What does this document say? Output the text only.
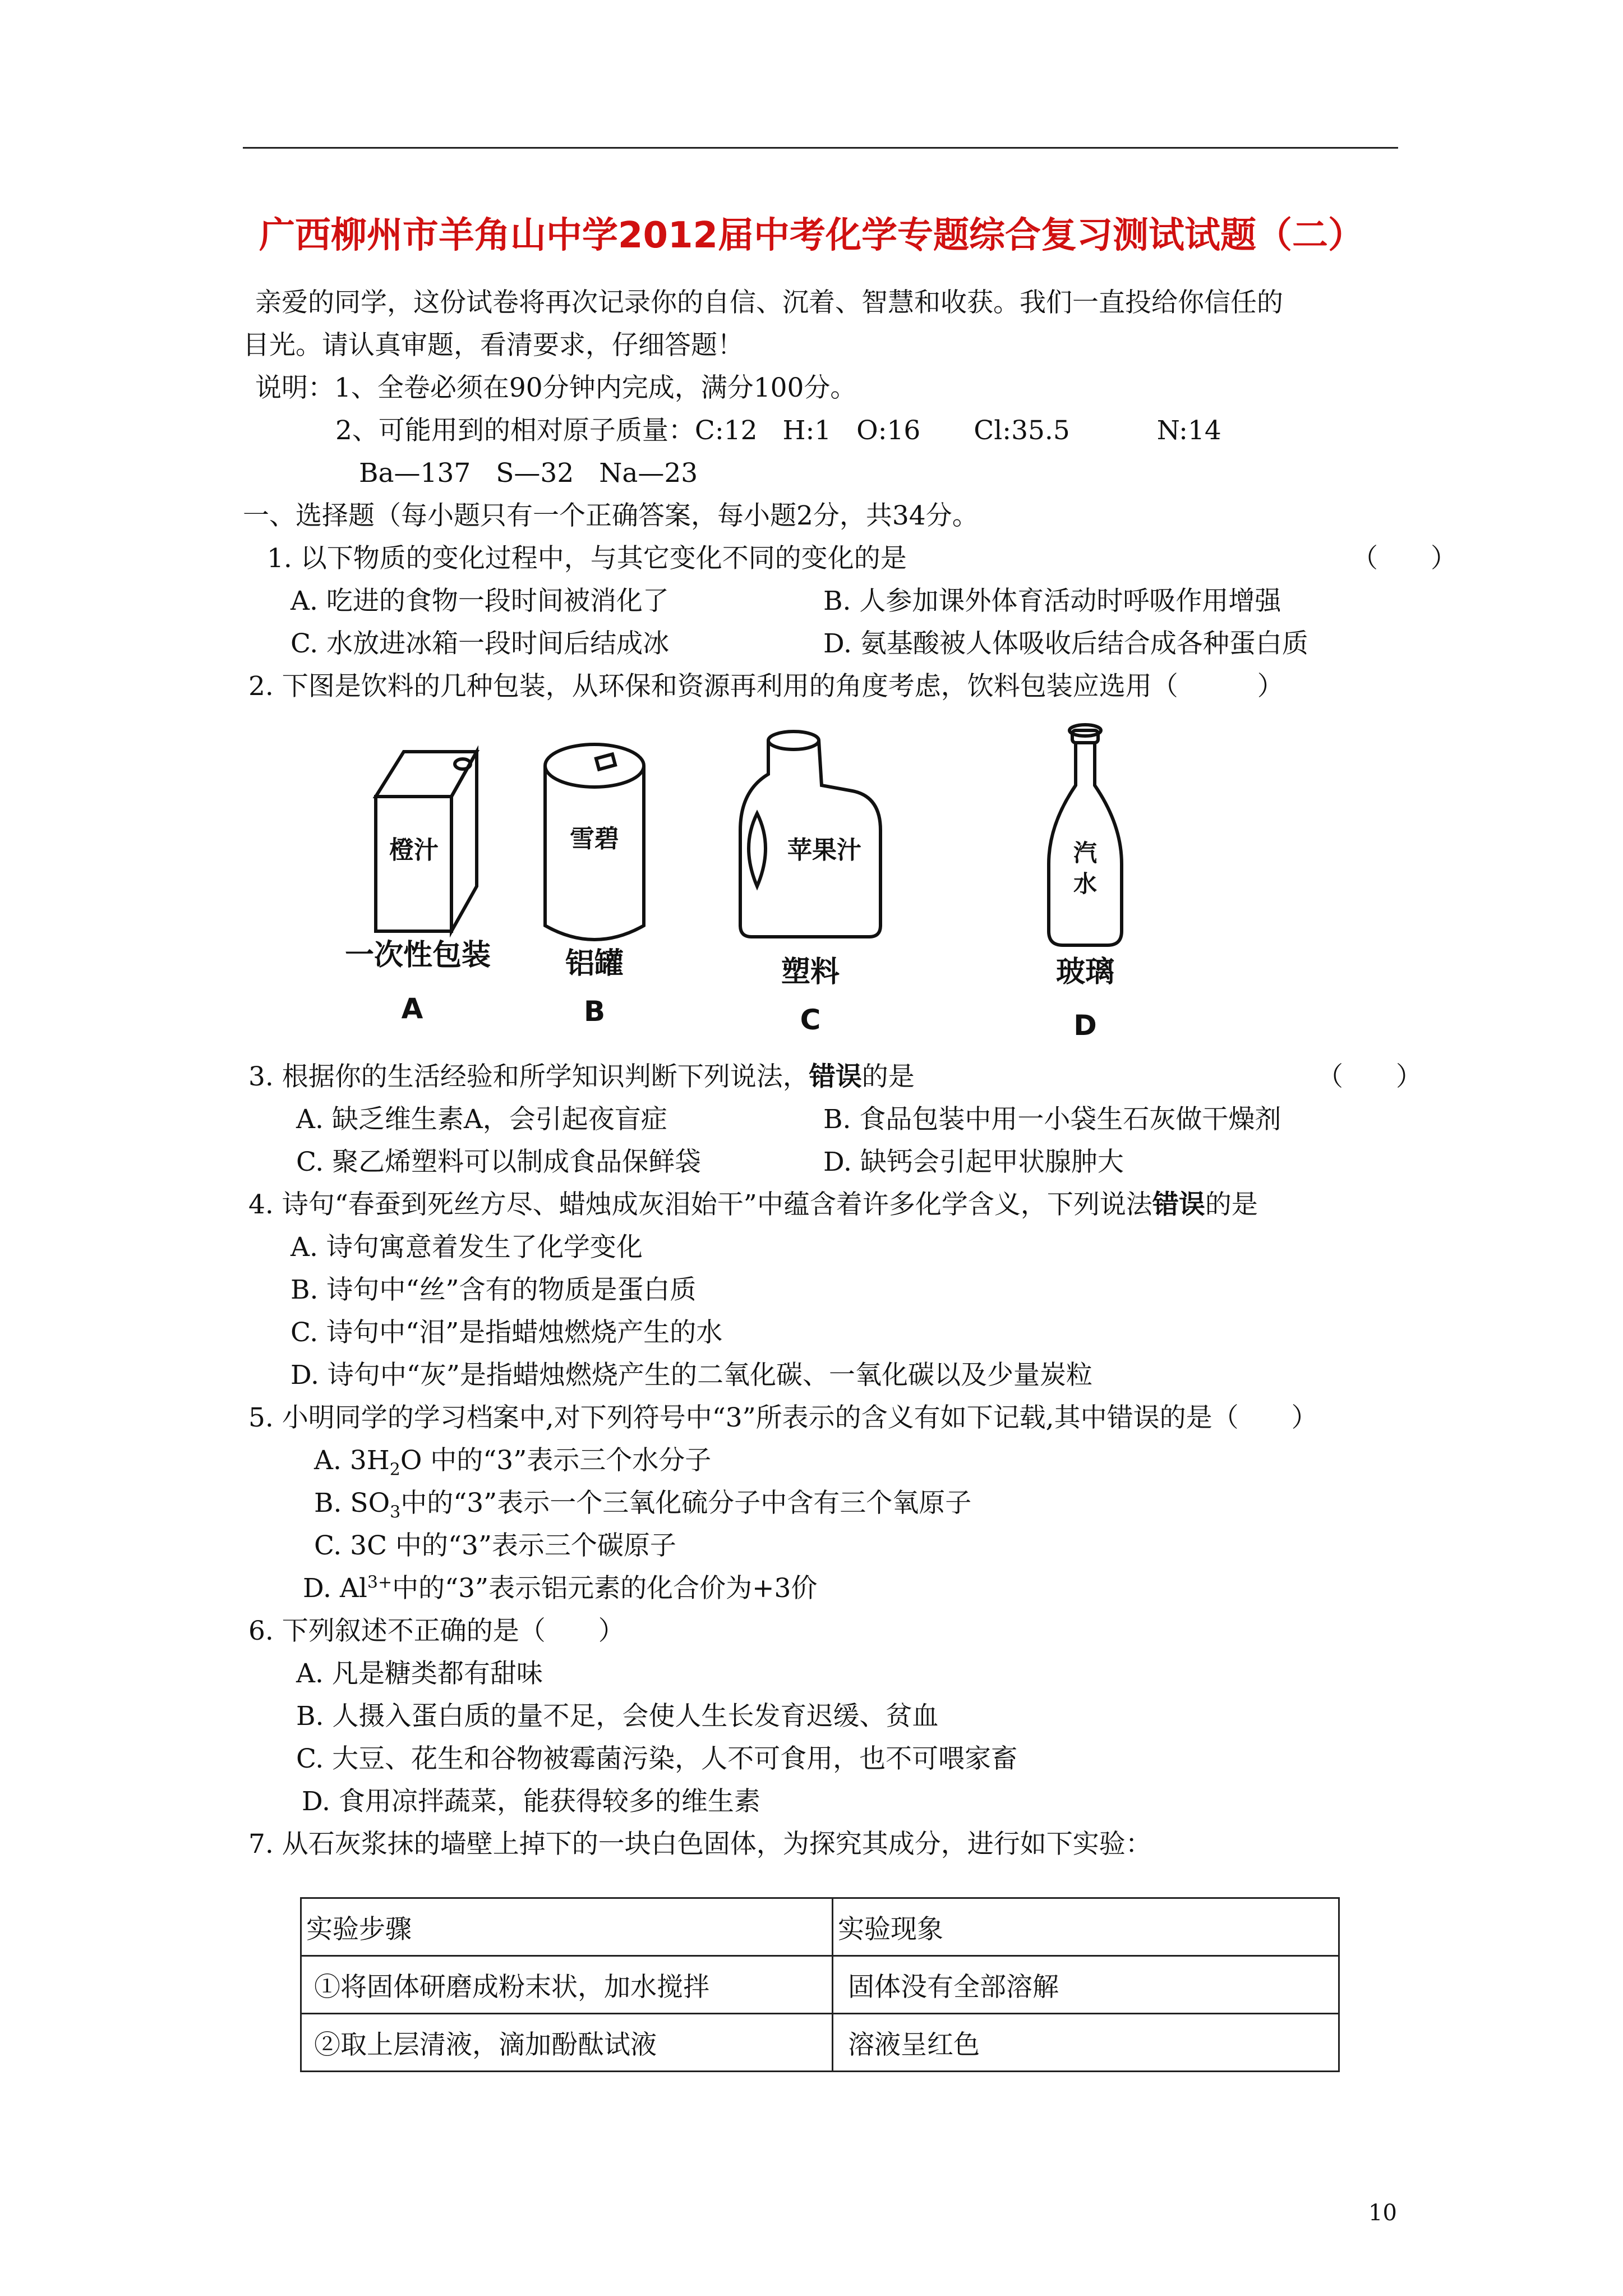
广西柳州市羊角山中学2012届中考化学专题综合复习测试试题（二）
亲爱的同学，这份试卷将再次记录你的自信、沉着、智慧和收获。我们一直投给你信任的
目光。请认真审题，看清要求，仔细答题！
说明：1、全卷必须在90分钟内完成，满分100分。
2、可能用到的相对原子质量：C:12 H:1 O:16 Cl:35.5	N:14
Ba—137 S—32 Na—23
一、选择题（每小题只有一个正确答案，每小题2分，共34分。
1. 以下物质的变化过程中，与其它变化不同的变化的是	（　　）
A. 吃进的食物一段时间被消化了	B. 人参加课外体育活动时呼吸作用增强
C. 水放进冰箱一段时间后结成冰	D. 氨基酸被人体吸收后结合成各种蛋白质
2. 下图是饮料的几种包装，从环保和资源再利用的角度考虑，饮料包装应选用（　　　）
橙汁
一次性包装
A
雪碧
铝罐
B
苹果汁
塑料
C
汽
水
玻璃
D
3. 根据你的生活经验和所学知识判断下列说法，错误的是	（　　）
A. 缺乏维生素A，会引起夜盲症	B. 食品包装中用一小袋生石灰做干燥剂
C. 聚乙烯塑料可以制成食品保鲜袋	D. 缺钙会引起甲状腺肿大
4. 诗句“春蚕到死丝方尽、蜡烛成灰泪始干”中蕴含着许多化学含义，下列说法错误的是
A. 诗句寓意着发生了化学变化
B. 诗句中“丝”含有的物质是蛋白质
C. 诗句中“泪”是指蜡烛燃烧产生的水
D. 诗句中“灰”是指蜡烛燃烧产生的二氧化碳、一氧化碳以及少量炭粒
5. 小明同学的学习档案中,对下列符号中“3”所表示的含义有如下记载,其中错误的是（　　）
A. $3H_2O$ 中的“3”表示三个水分子
B. $SO_3$中的“3”表示一个三氧化硫分子中含有三个氧原子
C. 3C 中的“3”表示三个碳原子
D. $Al^{3+}$中的“3”表示铝元素的化合价为+3价
6. 下列叙述不正确的是（　　）
A. 凡是糖类都有甜味
B. 人摄入蛋白质的量不足，会使人生长发育迟缓、贫血
C. 大豆、花生和谷物被霉菌污染，人不可食用，也不可喂家畜
D. 食用凉拌蔬菜，能获得较多的维生素
7. 从石灰浆抹的墙壁上掉下的一块白色固体，为探究其成分，进行如下实验：
实验步骤	实验现象
①将固体研磨成粉末状，加水搅拌	固体没有全部溶解
②取上层清液，滴加酚酞试液	溶液呈红色
10
